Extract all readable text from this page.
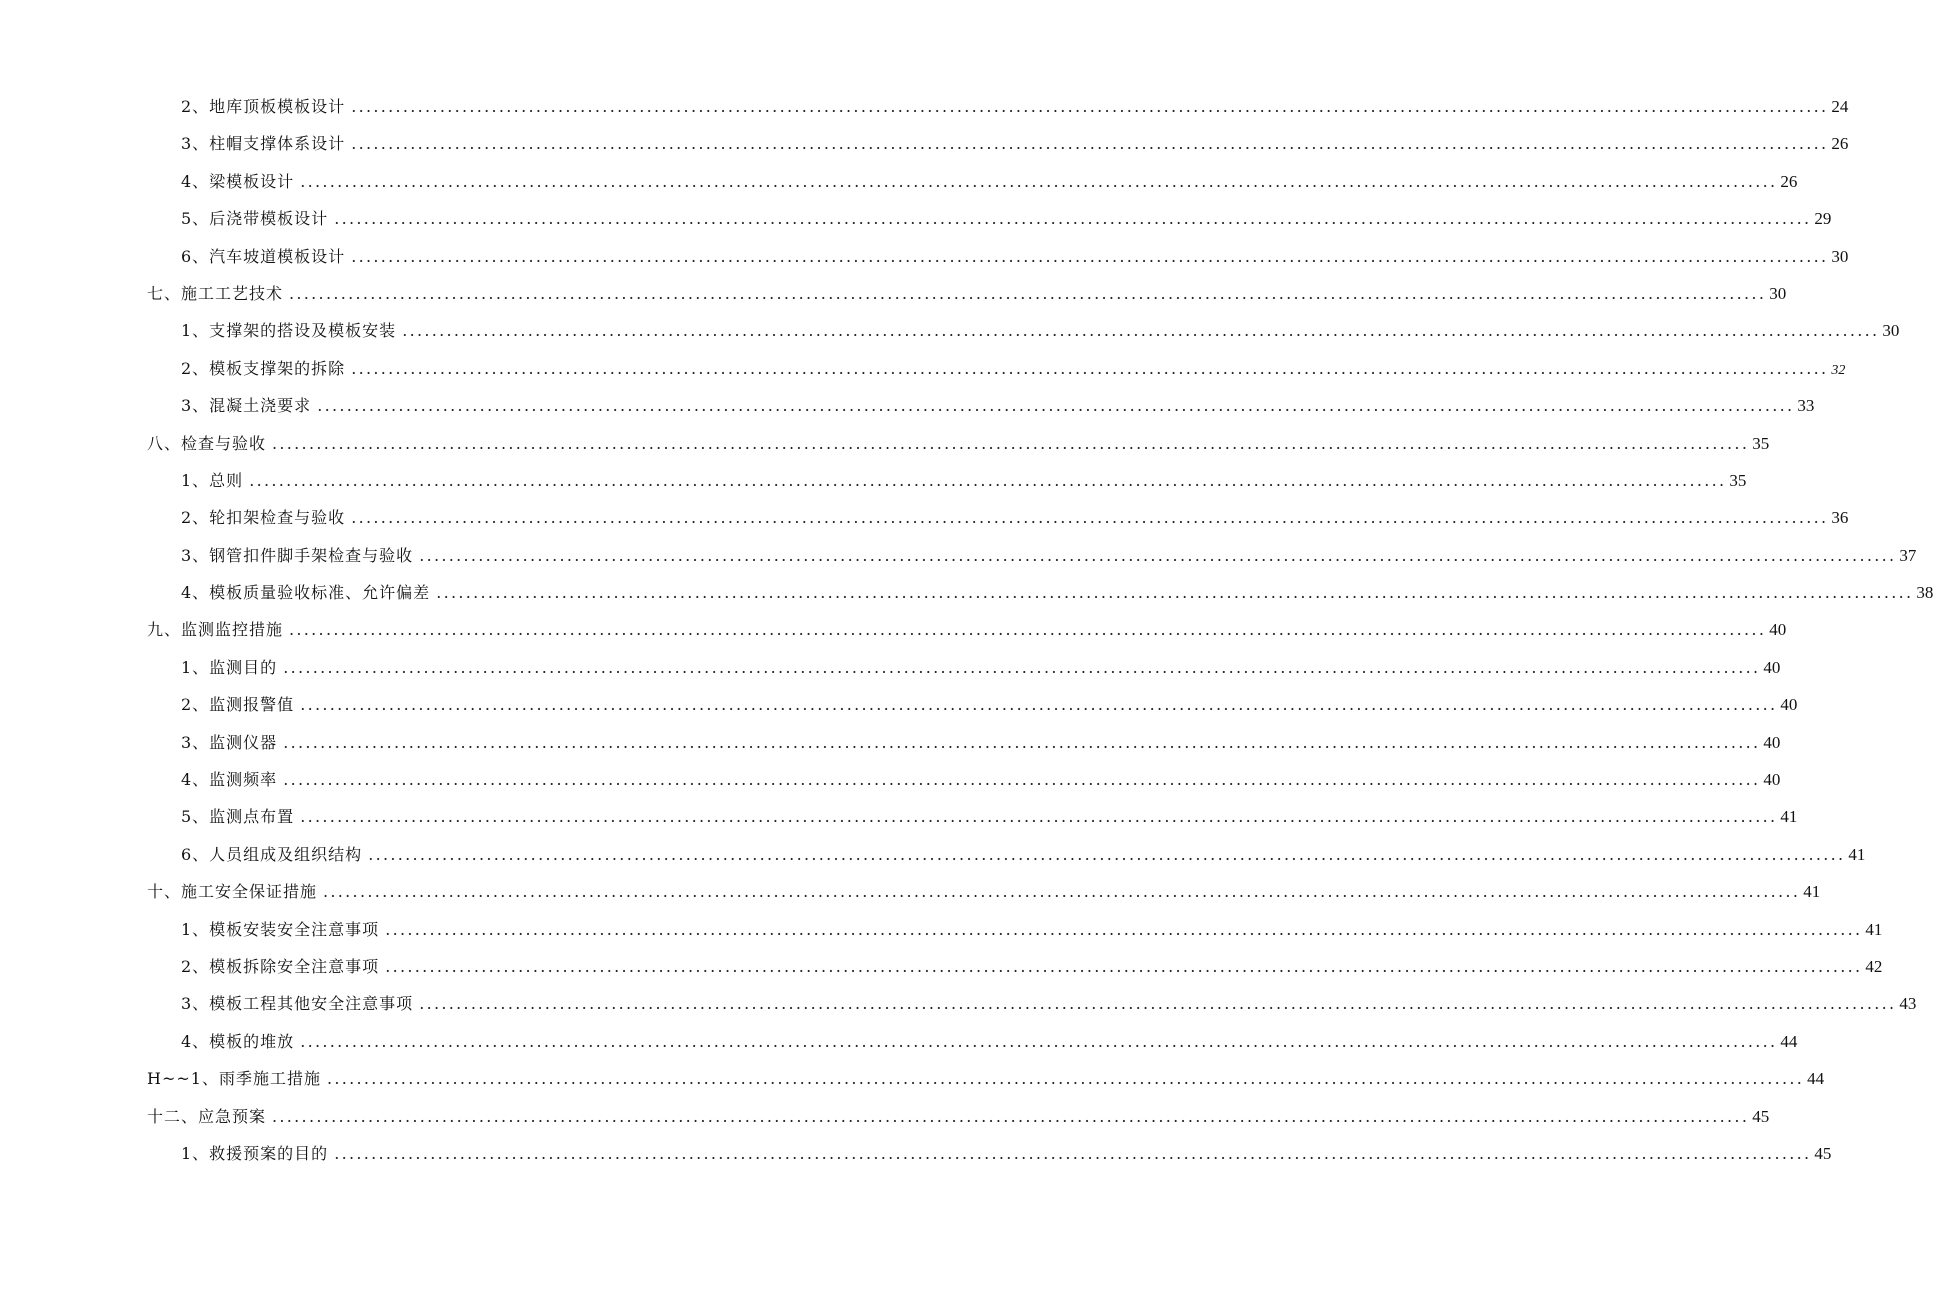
2、地库顶板模板设计 ........................................................................................................................................................................................................ 24
3、柱帽支撑体系设计 ........................................................................................................................................................................................................ 26
4、梁模板设计 ........................................................................................................................................................................................................ 26
5、后浇带模板设计 ........................................................................................................................................................................................................ 29
6、汽车坡道模板设计 ........................................................................................................................................................................................................ 30
七、施工工艺技术 ........................................................................................................................................................................................................ 30
1、支撑架的搭设及模板安装 ........................................................................................................................................................................................................ 30
2、模板支撑架的拆除 ........................................................................................................................................................................................................ 32
3、混凝土浇要求 ........................................................................................................................................................................................................ 33
八、检查与验收 ........................................................................................................................................................................................................ 35
1、总则 ........................................................................................................................................................................................................ 35
2、轮扣架检查与验收 ........................................................................................................................................................................................................ 36
3、钢管扣件脚手架检查与验收 ........................................................................................................................................................................................................ 37
4、模板质量验收标准、允许偏差 ........................................................................................................................................................................................................ 38
九、监测监控措施 ........................................................................................................................................................................................................ 40
1、监测目的 ........................................................................................................................................................................................................ 40
2、监测报警值 ........................................................................................................................................................................................................ 40
3、监测仪器 ........................................................................................................................................................................................................ 40
4、监测频率 ........................................................................................................................................................................................................ 40
5、监测点布置 ........................................................................................................................................................................................................ 41
6、人员组成及组织结构 ........................................................................................................................................................................................................ 41
十、施工安全保证措施 ........................................................................................................................................................................................................ 41
1、模板安装安全注意事项 ........................................................................................................................................................................................................ 41
2、模板拆除安全注意事项 ........................................................................................................................................................................................................ 42
3、模板工程其他安全注意事项 ........................................................................................................................................................................................................ 43
4、模板的堆放 ........................................................................................................................................................................................................ 44
H~~1、雨季施工措施 ........................................................................................................................................................................................................ 44
十二、应急预案 ........................................................................................................................................................................................................ 45
1、救援预案的目的 ........................................................................................................................................................................................................ 45
